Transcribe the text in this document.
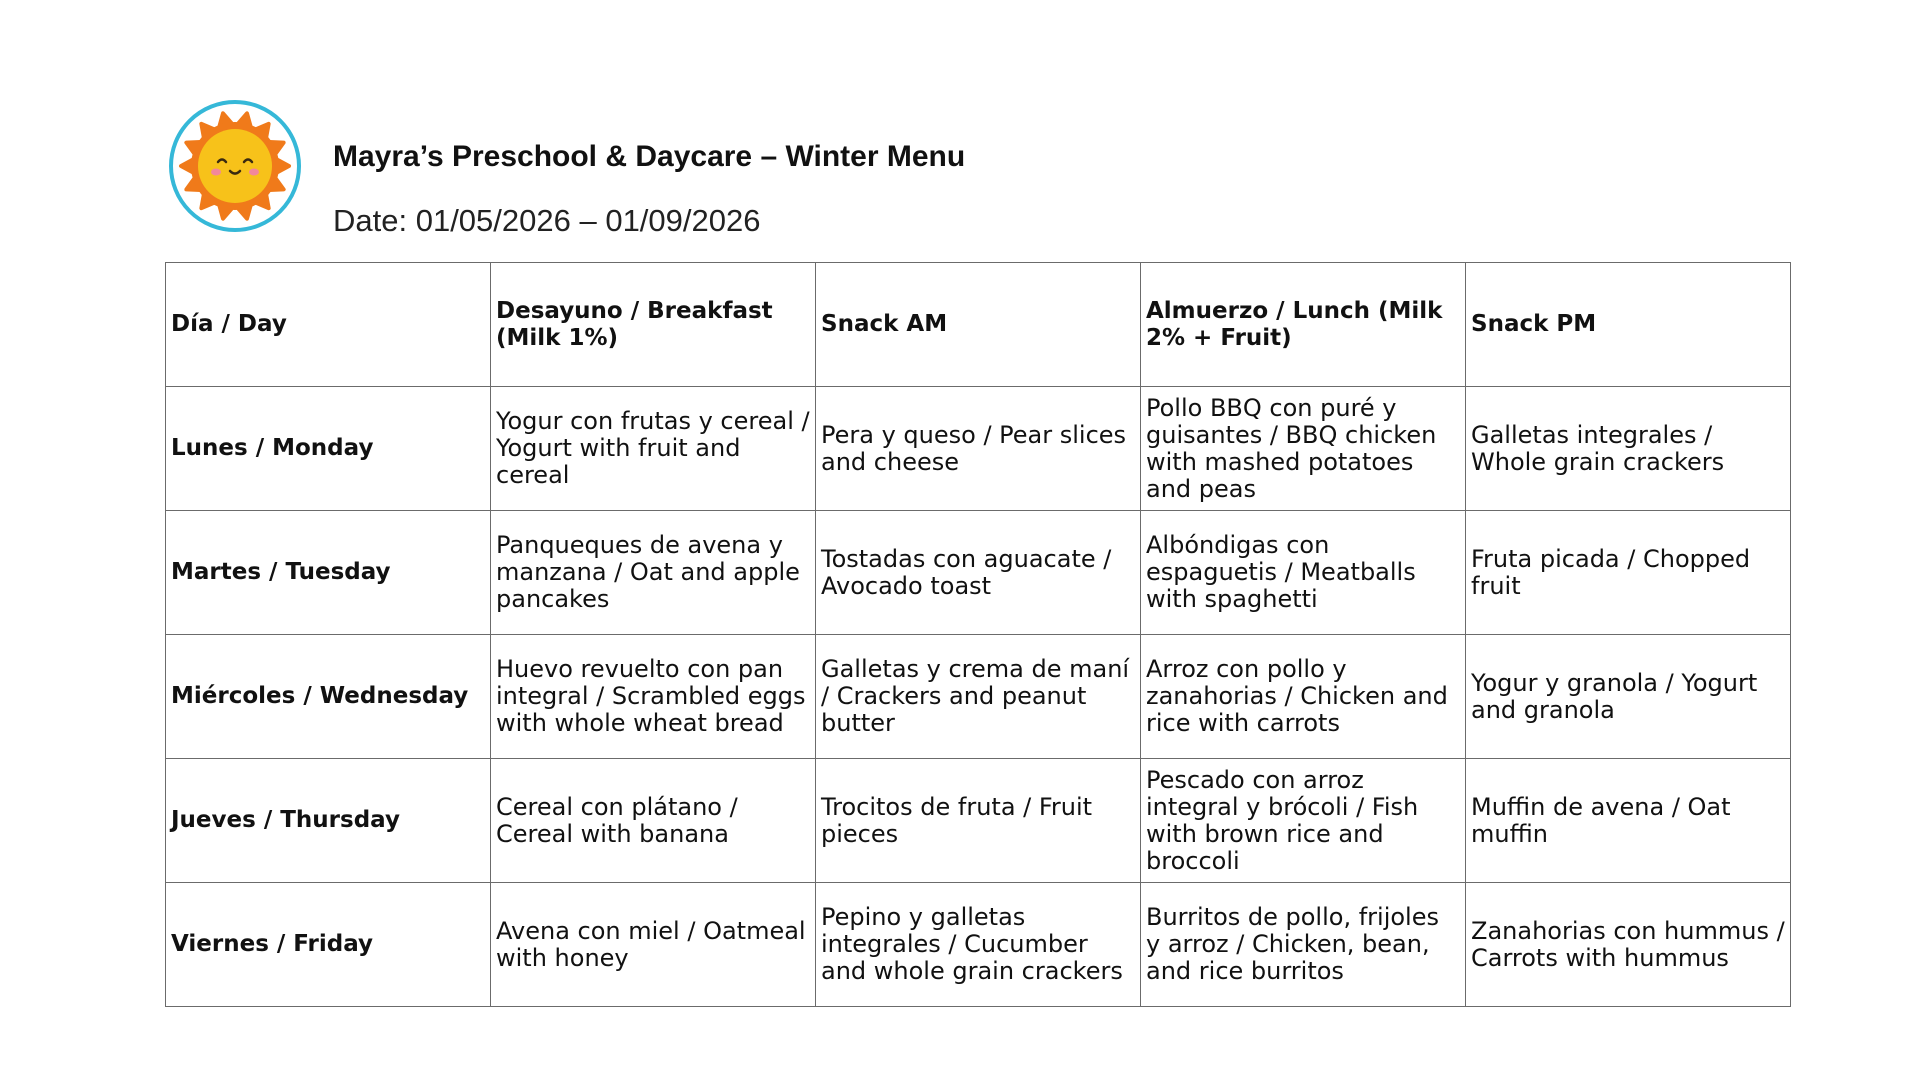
Mayra’s Preschool & Daycare – Winter Menu
Date: 01/05/2026 – 01/09/2026
Día / Day	Desayuno / Breakfast (Milk 1%)	Snack AM	Almuerzo / Lunch (Milk 2% + Fruit)	Snack PM
Lunes / Monday	Yogur con frutas y cereal / Yogurt with fruit and cereal	Pera y queso / Pear slices and cheese	Pollo BBQ con puré y guisantes / BBQ chicken with mashed potatoes and peas	Galletas integrales / Whole grain crackers
Martes / Tuesday	Panqueques de avena y manzana / Oat and apple pancakes	Tostadas con aguacate / Avocado toast	Albóndigas con espaguetis / Meatballs with spaghetti	Fruta picada / Chopped fruit
Miércoles / Wednesday	Huevo revuelto con pan integral / Scrambled eggs with whole wheat bread	Galletas y crema de maní / Crackers and peanut butter	Arroz con pollo y zanahorias / Chicken and rice with carrots	Yogur y granola / Yogurt and granola
Jueves / Thursday	Cereal con plátano / Cereal with banana	Trocitos de fruta / Fruit pieces	Pescado con arroz integral y brócoli / Fish with brown rice and broccoli	Muffin de avena / Oat muffin
Viernes / Friday	Avena con miel / Oatmeal with honey	Pepino y galletas integrales / Cucumber and whole grain crackers	Burritos de pollo, frijoles y arroz / Chicken, bean, and rice burritos	Zanahorias con hummus / Carrots with hummus
